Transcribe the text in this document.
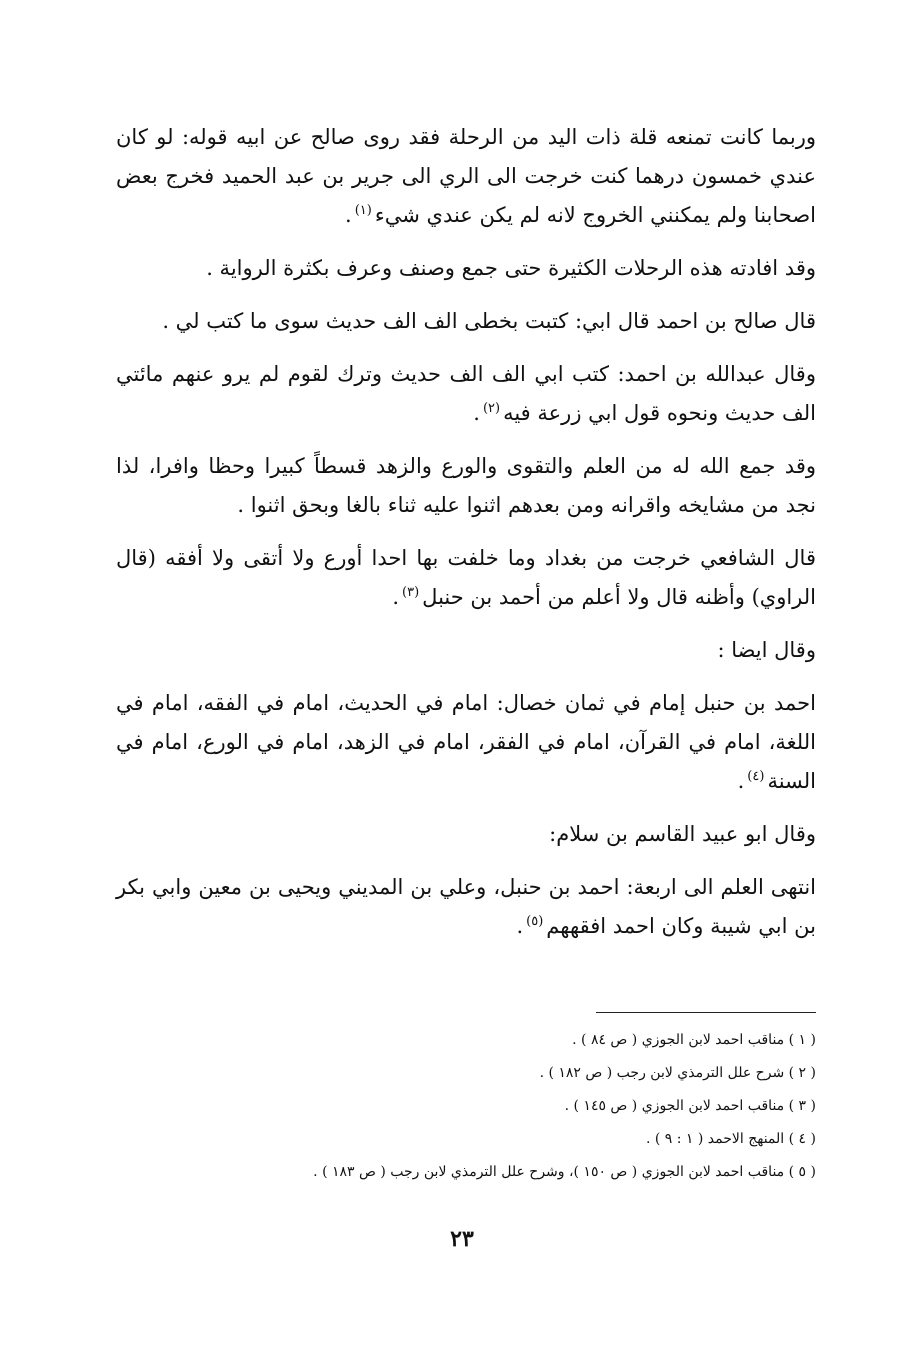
وربما كانت تمنعه قلة ذات اليد من الرحلة فقد روى صالح عن ابيه قوله: لو كان عندي خمسون درهما كنت خرجت الى الري الى جرير بن عبد الحميد فخرج بعض اصحابنا ولم يمكنني الخروج لانه لم يكن عندي شيء$^{(١)}$.

وقد افادته هذه الرحلات الكثيرة حتى جمع وصنف وعرف بكثرة الرواية .

قال صالح بن احمد قال ابي: كتبت بخطى الف الف حديث سوى ما كتب لي .

وقال عبدالله بن احمد: كتب ابي الف الف حديث وترك لقوم لم يرو عنهم مائتي الف حديث ونحوه قول ابي زرعة فيه$^{(٢)}$.

وقد جمع الله له من العلم والتقوى والورع والزهد قسطاً كبيرا وحظا وافرا، لذا نجد من مشايخه واقرانه ومن بعدهم اثنوا عليه ثناء بالغا وبحق اثنوا .

قال الشافعي خرجت من بغداد وما خلفت بها احدا أورع ولا أتقى ولا أفقه (قال الراوي) وأظنه قال ولا أعلم من أحمد بن حنبل$^{(٣)}$.

وقال ايضا :

احمد بن حنبل إمام في ثمان خصال: امام في الحديث، امام في الفقه، امام في اللغة، امام في القرآن، امام في الفقر، امام في الزهد، امام في الورع، امام في السنة$^{(٤)}$.

وقال ابو عبيد القاسم بن سلام:

انتهى العلم الى اربعة: احمد بن حنبل، وعلي بن المديني ويحيى بن معين وابي بكر بن ابي شيبة وكان احمد افقههم$^{(٥)}$.

( ١ ) مناقب احمد لابن الجوزي ( ص ٨٤ ) .

( ٢ ) شرح علل الترمذي لابن رجب ( ص ١٨٢ ) .

( ٣ ) مناقب احمد لابن الجوزي ( ص ١٤٥ ) .

( ٤ ) المنهج الاحمد ( ١ : ٩ ) .

( ٥ ) مناقب احمد لابن الجوزي ( ص ١٥٠ )، وشرح علل الترمذي لابن رجب ( ص ١٨٣ ) .

٢٣
